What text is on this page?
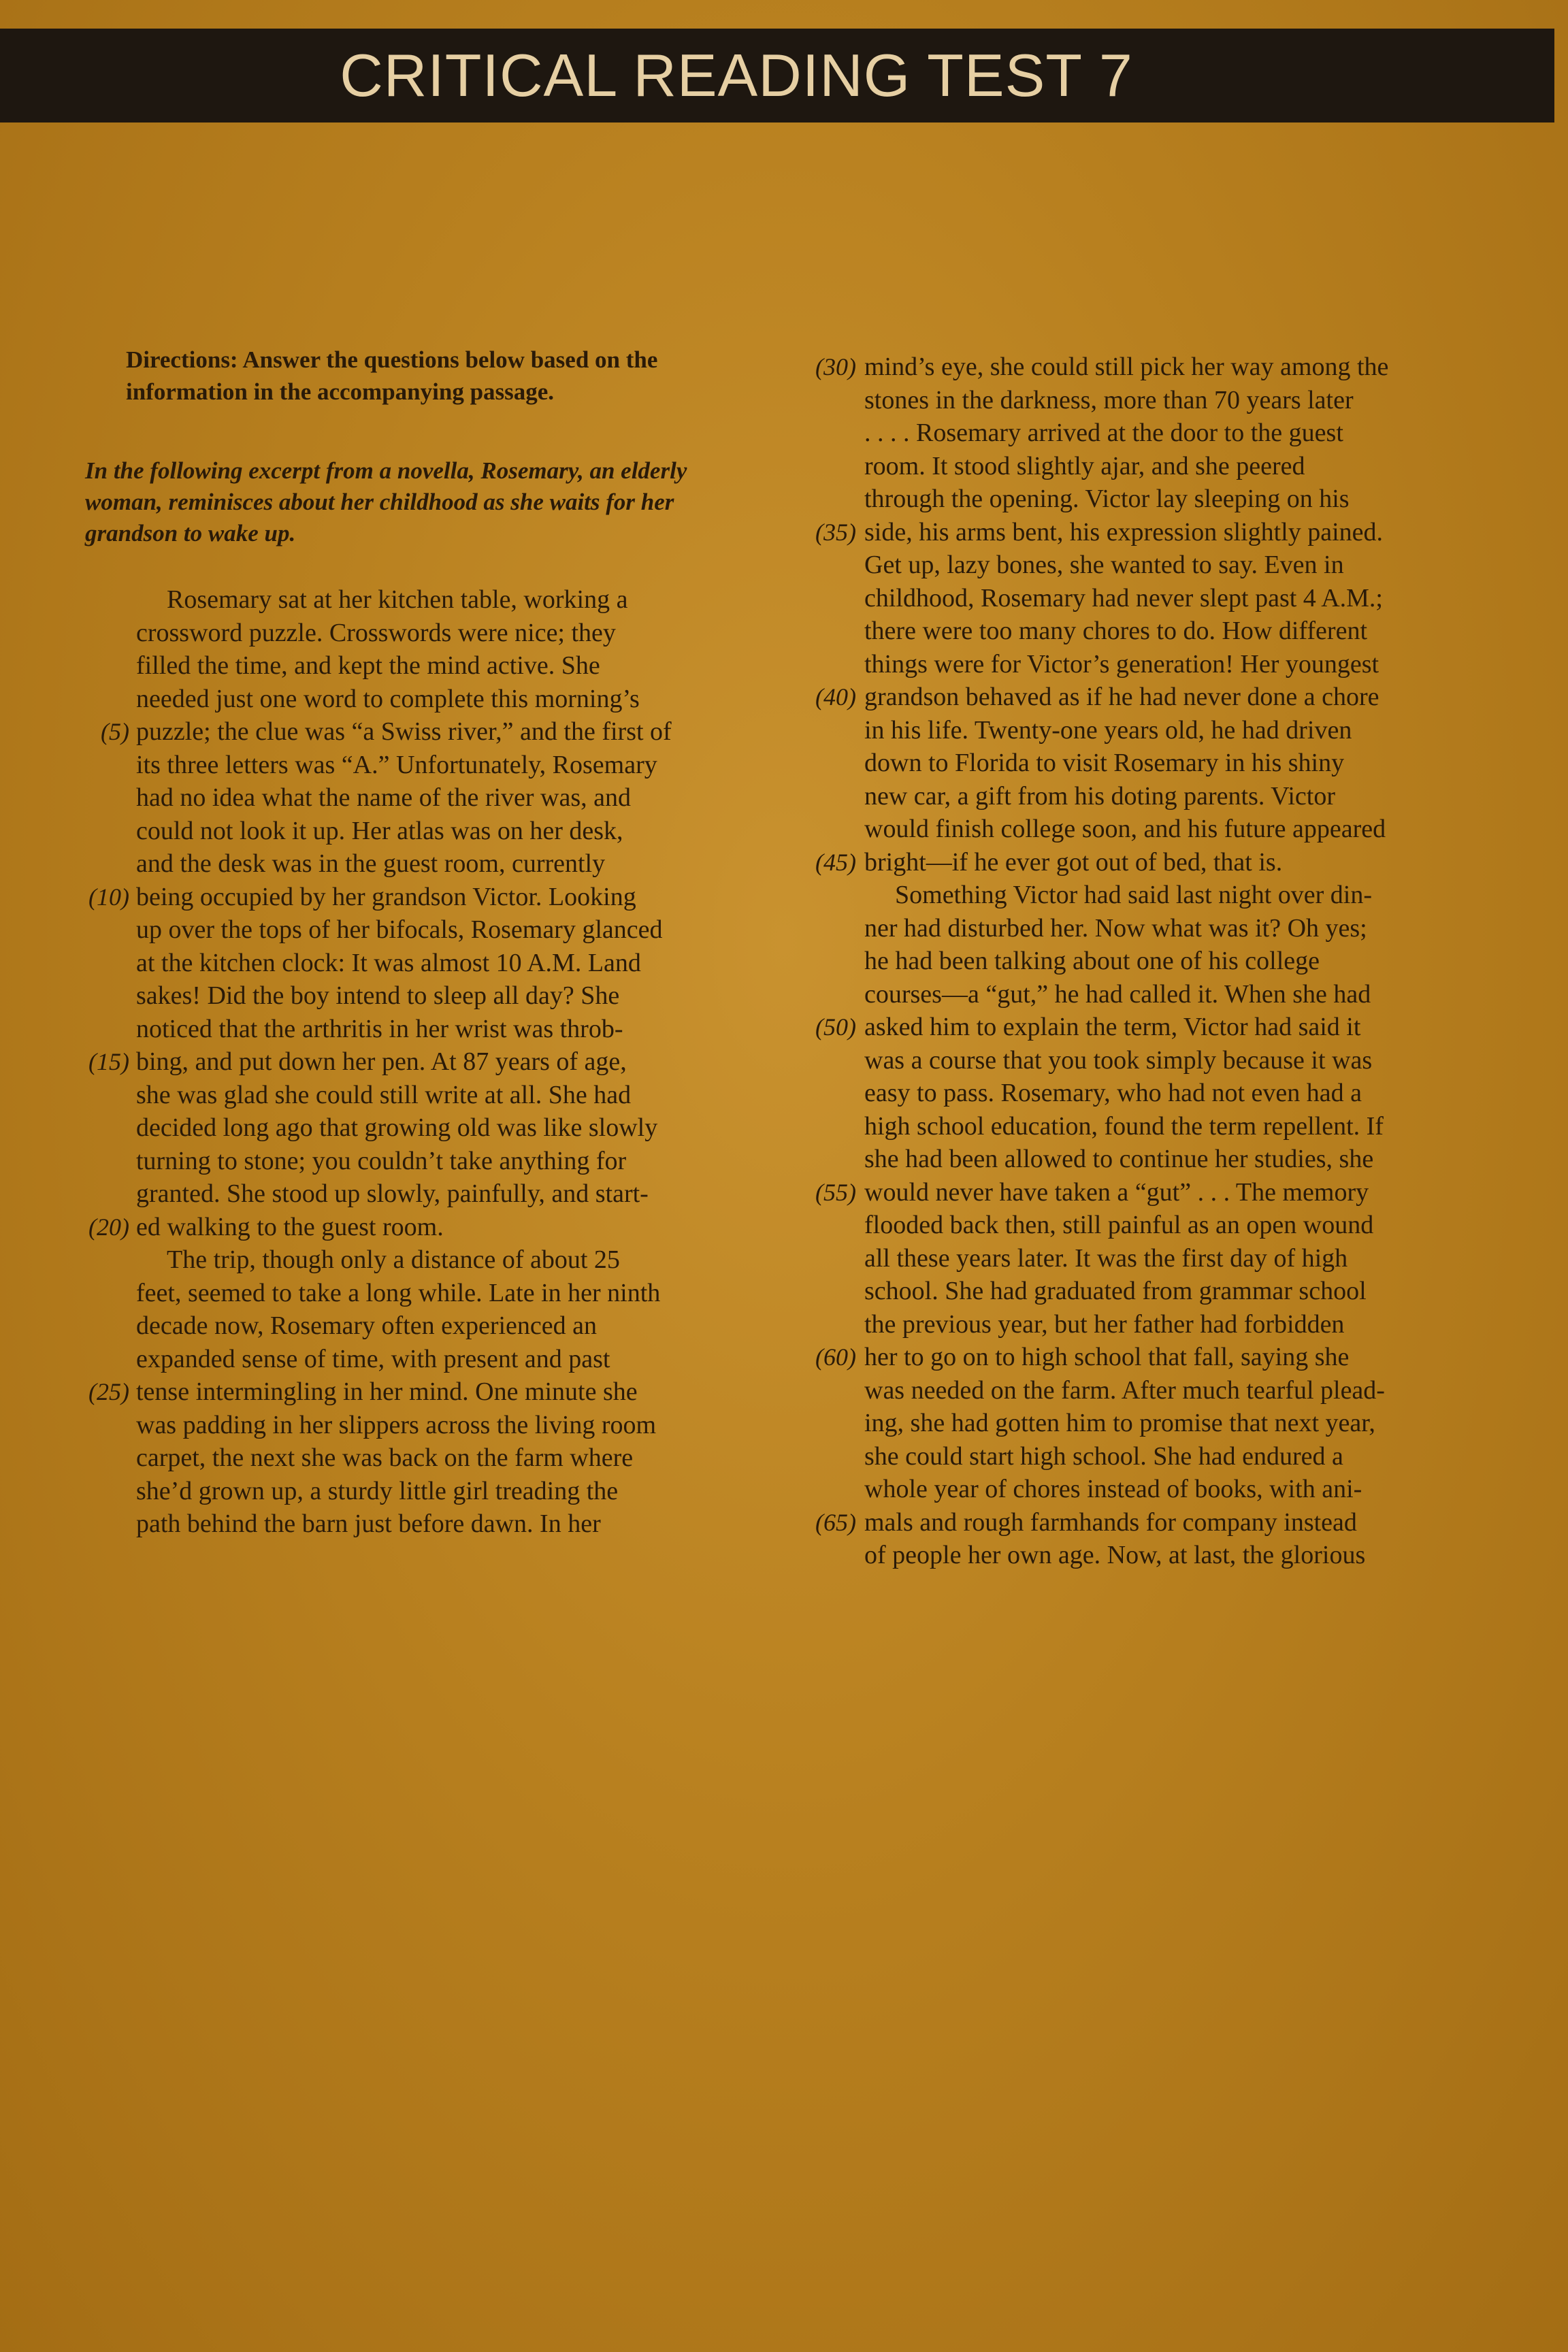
CRITICAL READING TEST 7
Directions: Answer the questions below based on the information in the accompanying passage.
In the following excerpt from a novella, Rosemary, an elderly woman, reminisces about her childhood as she waits for her grandson to wake up.
Rosemary sat at her kitchen table, working a
crossword puzzle. Crosswords were nice; they
filled the time, and kept the mind active. She
needed just one word to complete this morning’s
(5) puzzle; the clue was “a Swiss river,” and the first of
its three letters was “A.” Unfortunately, Rosemary
had no idea what the name of the river was, and
could not look it up. Her atlas was on her desk,
and the desk was in the guest room, currently
(10) being occupied by her grandson Victor. Looking
up over the tops of her bifocals, Rosemary glanced
at the kitchen clock: It was almost 10 A.M. Land
sakes! Did the boy intend to sleep all day? She
noticed that the arthritis in her wrist was throb-
(15) bing, and put down her pen. At 87 years of age,
she was glad she could still write at all. She had
decided long ago that growing old was like slowly
turning to stone; you couldn’t take anything for
granted. She stood up slowly, painfully, and start-
(20) ed walking to the guest room.
The trip, though only a distance of about 25
feet, seemed to take a long while. Late in her ninth
decade now, Rosemary often experienced an
expanded sense of time, with present and past
(25) tense intermingling in her mind. One minute she
was padding in her slippers across the living room
carpet, the next she was back on the farm where
she’d grown up, a sturdy little girl treading the
path behind the barn just before dawn. In her
(30) mind’s eye, she could still pick her way among the
stones in the darkness, more than 70 years later
. . . . Rosemary arrived at the door to the guest
room. It stood slightly ajar, and she peered
through the opening. Victor lay sleeping on his
(35) side, his arms bent, his expression slightly pained.
Get up, lazy bones, she wanted to say. Even in
childhood, Rosemary had never slept past 4 A.M.;
there were too many chores to do. How different
things were for Victor’s generation! Her youngest
(40) grandson behaved as if he had never done a chore
in his life. Twenty-one years old, he had driven
down to Florida to visit Rosemary in his shiny
new car, a gift from his doting parents. Victor
would finish college soon, and his future appeared
(45) bright—if he ever got out of bed, that is.
Something Victor had said last night over din-
ner had disturbed her. Now what was it? Oh yes;
he had been talking about one of his college
courses—a “gut,” he had called it. When she had
(50) asked him to explain the term, Victor had said it
was a course that you took simply because it was
easy to pass. Rosemary, who had not even had a
high school education, found the term repellent. If
she had been allowed to continue her studies, she
(55) would never have taken a “gut” . . . The memory
flooded back then, still painful as an open wound
all these years later. It was the first day of high
school. She had graduated from grammar school
the previous year, but her father had forbidden
(60) her to go on to high school that fall, saying she
was needed on the farm. After much tearful plead-
ing, she had gotten him to promise that next year,
she could start high school. She had endured a
whole year of chores instead of books, with ani-
(65) mals and rough farmhands for company instead
of people her own age. Now, at last, the glorious
